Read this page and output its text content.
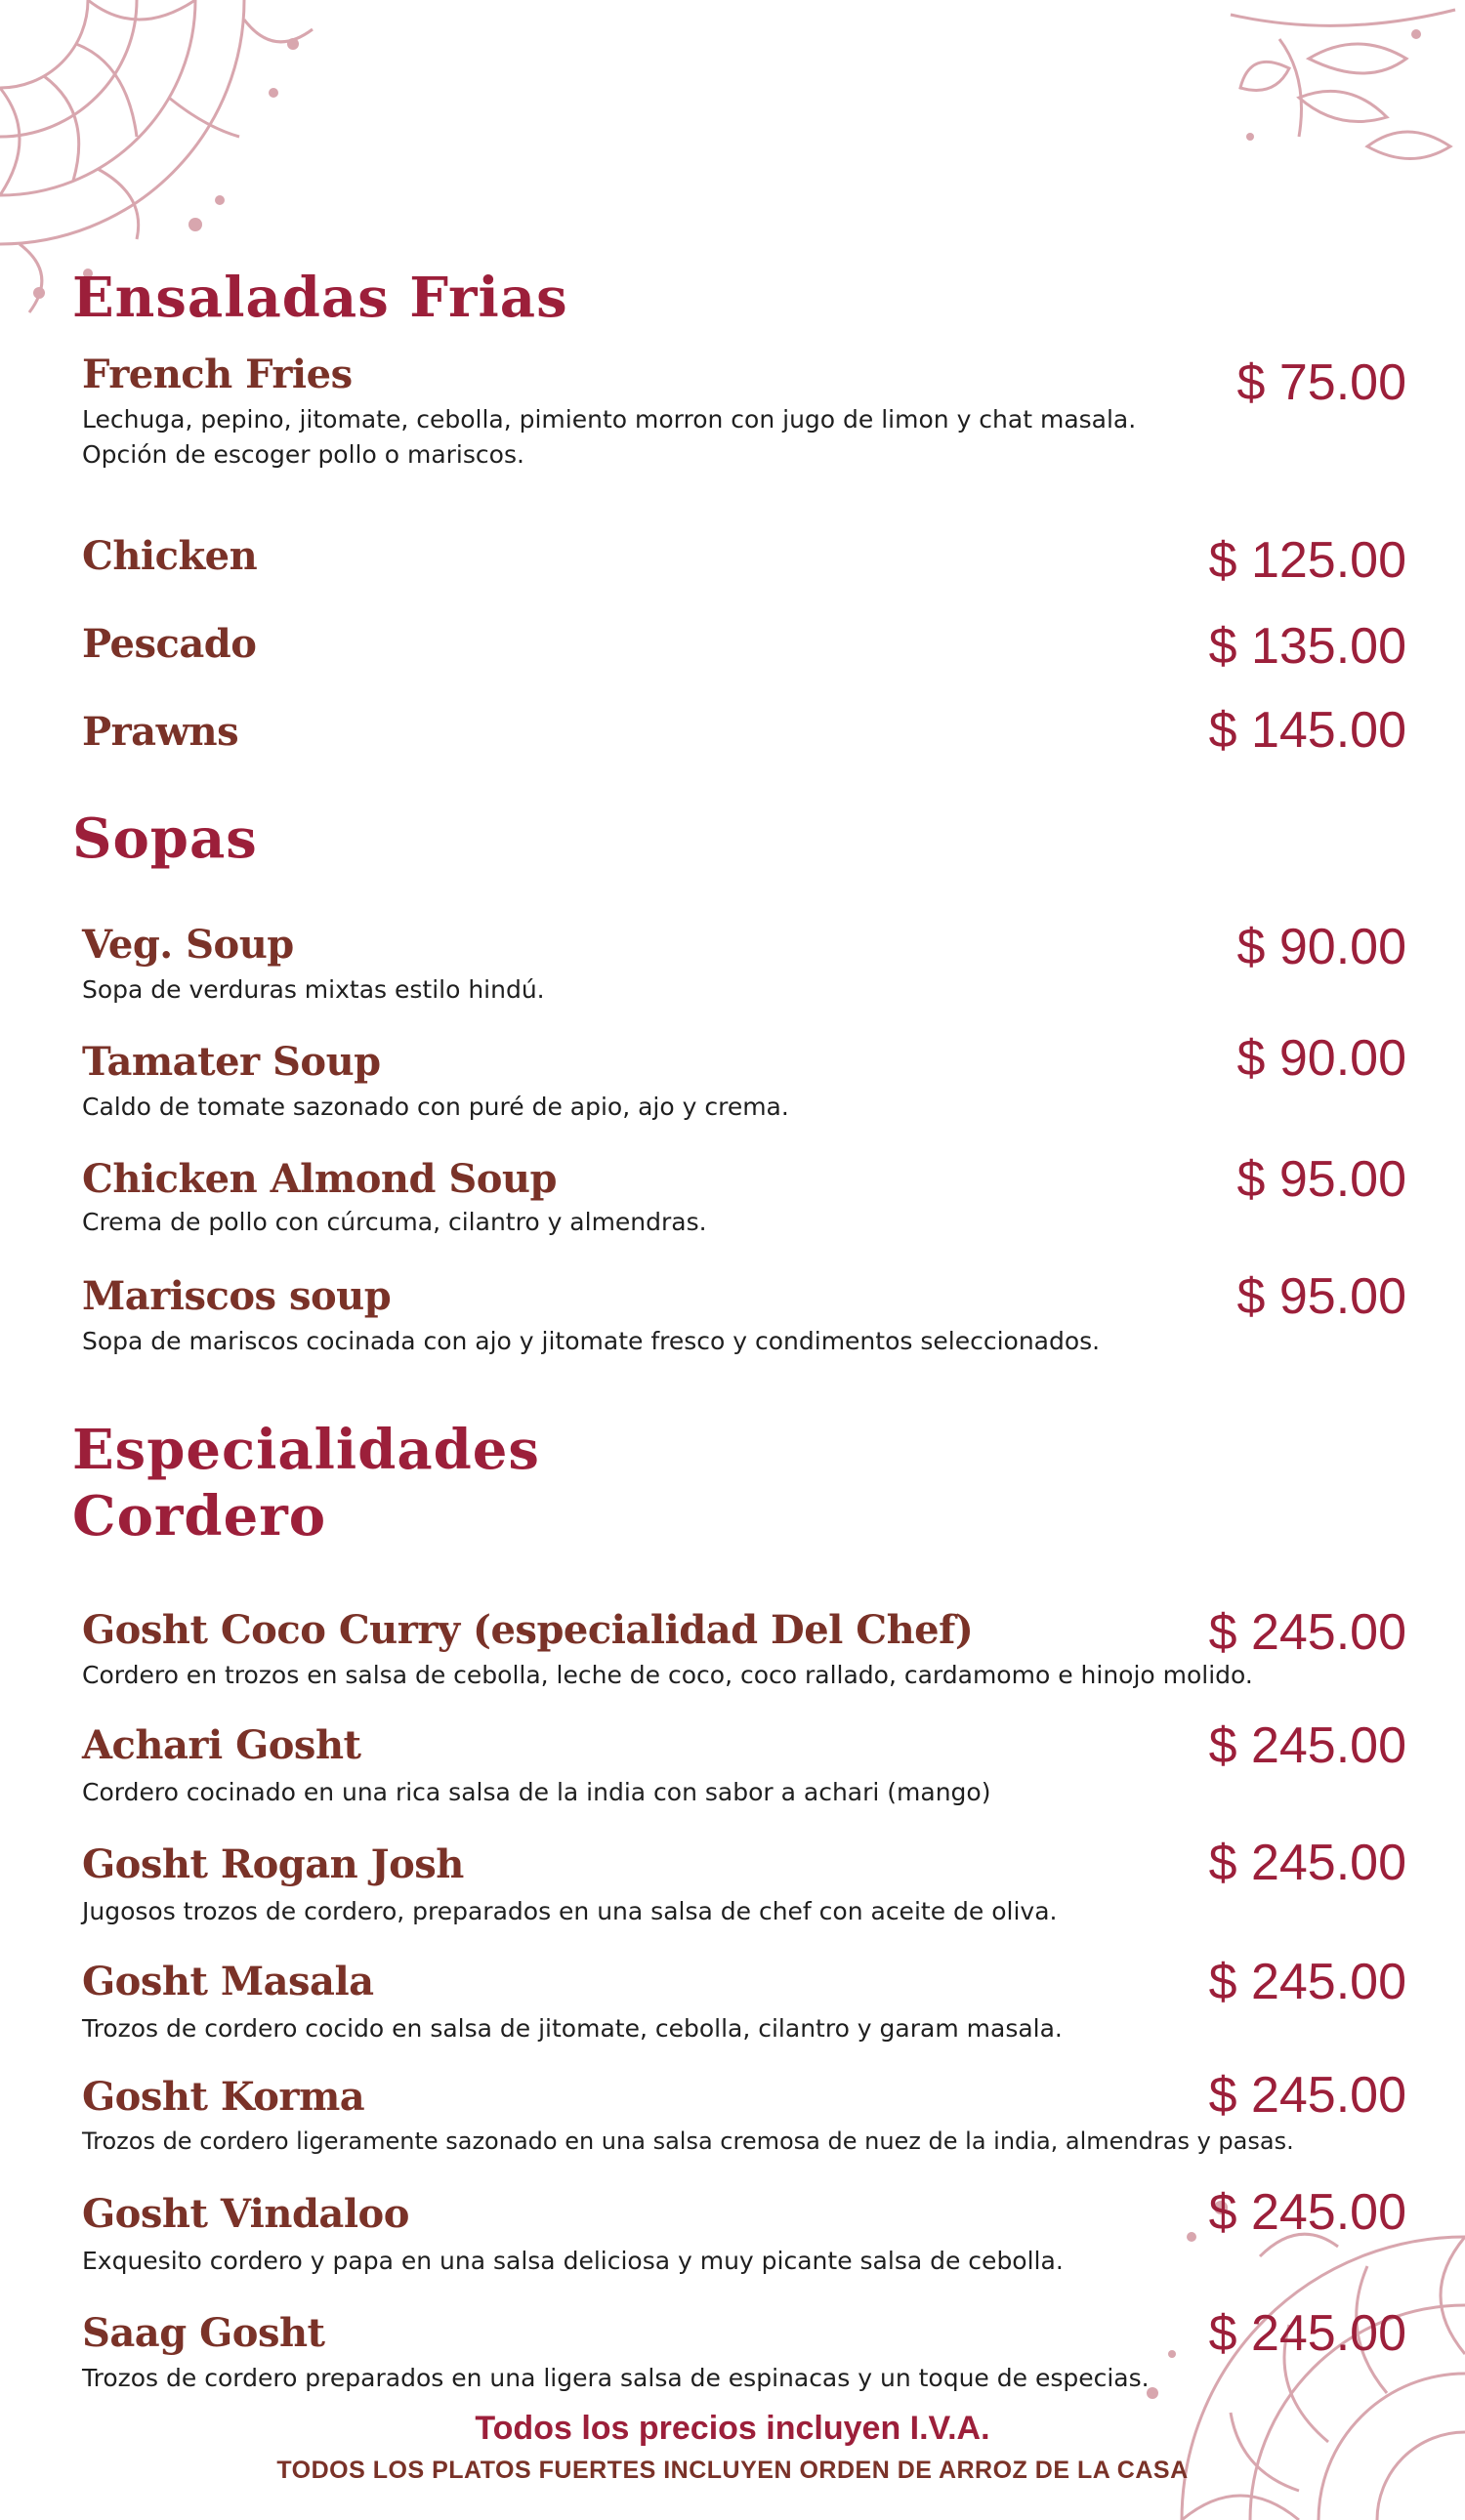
Ensaladas Frias
French Fries	$ 75.00
Lechuga, pepino, jitomate, cebolla, pimiento morron con jugo de limon y chat masala.
Opción de escoger pollo o mariscos.
Chicken	$ 125.00
Pescado	$ 135.00
Prawns	$ 145.00
Sopas
Veg. Soup	$ 90.00
Sopa de verduras mixtas estilo hindú.
Tamater Soup	$ 90.00
Caldo de tomate sazonado con puré de apio, ajo y crema.
Chicken Almond Soup	$ 95.00
Crema de pollo con cúrcuma, cilantro y almendras.
Mariscos soup	$ 95.00
Sopa de mariscos cocinada con ajo y jitomate fresco y condimentos seleccionados.
Especialidades
Cordero
Gosht Coco Curry (especialidad Del Chef)	$ 245.00
Cordero en trozos en salsa de cebolla, leche de coco, coco rallado, cardamomo e hinojo molido.
Achari Gosht	$ 245.00
Cordero cocinado en una rica salsa de la india con sabor a achari (mango)
Gosht Rogan Josh	$ 245.00
Jugosos trozos de cordero, preparados en una salsa de chef con aceite de oliva.
Gosht Masala	$ 245.00
Trozos de cordero cocido en salsa de jitomate, cebolla, cilantro y garam masala.
Gosht Korma	$ 245.00
Trozos de cordero ligeramente sazonado en una salsa cremosa de nuez de la india, almendras y pasas.
Gosht Vindaloo	$ 245.00
Exquesito cordero y papa en una salsa deliciosa y muy picante salsa de cebolla.
Saag Gosht	$ 245.00
Trozos de cordero preparados en una ligera salsa de espinacas y un toque de especias.
Todos los precios incluyen I.V.A.
TODOS LOS PLATOS FUERTES INCLUYEN ORDEN DE ARROZ DE LA CASA
